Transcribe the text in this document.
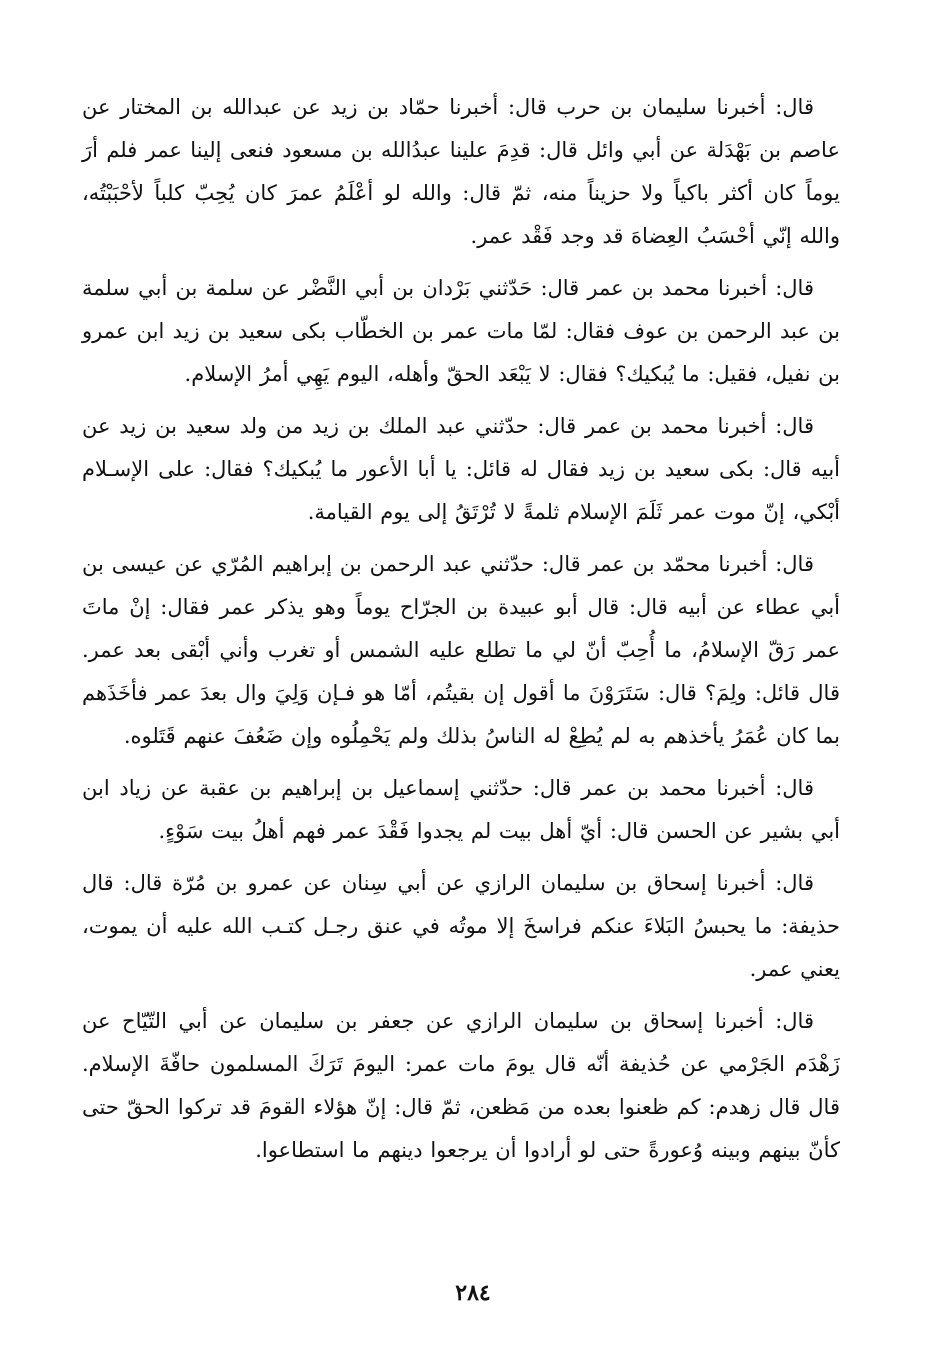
قال: أخبرنا سليمان بن حرب قال: أخبرنا حمّاد بن زيد عن عبدالله بن المختار عن عاصم بن بَهْدَلة عن أبي وائل قال: قدِمَ علينا عبدُالله بن مسعود فنعى إلينا عمر فلم أرَ يوماً كان أكثر باكياً ولا حزيناً منه، ثمّ قال: والله لو أعْلَمُ عمرَ كان يُحِبّ كلباً لأحْبَبْتُه، والله إنّي أحْسَبُ العِضاهَ قد وجد فَقْد عمر.

قال: أخبرنا محمد بن عمر قال: حَدّثني بَرْدان بن أبي النَّضْر عن سلمة بن أبي سلمة بن عبد الرحمن بن عوف فقال: لمّا مات عمر بن الخطّاب بكى سعيد بن زيد ابن عمرو بن نفيل، فقيل: ما يُبكيك؟ فقال: لا يَبْعَد الحقّ وأهله، اليوم يَهِي أمرُ الإسلام.

قال: أخبرنا محمد بن عمر قال: حدّثني عبد الملك بن زيد من ولد سعيد بن زيد عن أبيه قال: بكى سعيد بن زيد فقال له قائل: يا أبا الأعور ما يُبكيك؟ فقال: على الإسـلام أبْكي، إنّ موت عمر ثَلَمَ الإسلام ثلمةً لا تُرْتَقُ إلى يوم القيامة.

قال: أخبرنا محمّد بن عمر قال: حدّثني عبد الرحمن بن إبراهيم المُرّي عن عيسى بن أبي عطاء عن أبيه قال: قال أبو عبيدة بن الجرّاح يوماً وهو يذكر عمر فقال: إنْ ماتَ عمر رَقّ الإسلامُ، ما أُحِبّ أنّ لي ما تطلع عليه الشمس أو تغرب وأني أبْقى بعد عمر. قال قائل: ولِمَ؟ قال: سَتَرَوْنَ ما أقول إن بقيتُم، أمّا هو فـإن وَلِيَ وال بعدَ عمر فأخَذَهم بما كان عُمَرُ يأخذهم به لم يُطِعْ له الناسُ بذلك ولم يَحْمِلُوه وإن ضَعُفَ عنهم قَتَلوه.

قال: أخبرنا محمد بن عمر قال: حدّثني إسماعيل بن إبراهيم بن عقبة عن زياد ابن أبي بشير عن الحسن قال: أيّ أهل بيت لم يجدوا فَقْدَ عمر فهم أهلُ بيت سَوْءٍ.

قال: أخبرنا إسحاق بن سليمان الرازي عن أبي سِنان عن عمرو بن مُرّة قال: قال حذيفة: ما يحبسُ البَلاءَ عنكم فراسخَ إلا موتُه في عنق رجـل كتـب الله عليه أن يموت، يعني عمر.

قال: أخبرنا إسحاق بن سليمان الرازي عن جعفر بن سليمان عن أبي التّيّاح عن زَهْدَم الجَرْمي عن حُذيفة أنّه قال يومَ مات عمر: اليومَ تَرَكَ المسلمون حافّةَ الإسلام. قال قال زهدم: كم ظعنوا بعده من مَظعن، ثمّ قال: إنّ هؤلاء القومَ قد تركوا الحقّ حتى كأنّ بينهم وبينه وُعورةً حتى لو أرادوا أن يرجعوا دينهم ما استطاعوا.

٢٨٤
